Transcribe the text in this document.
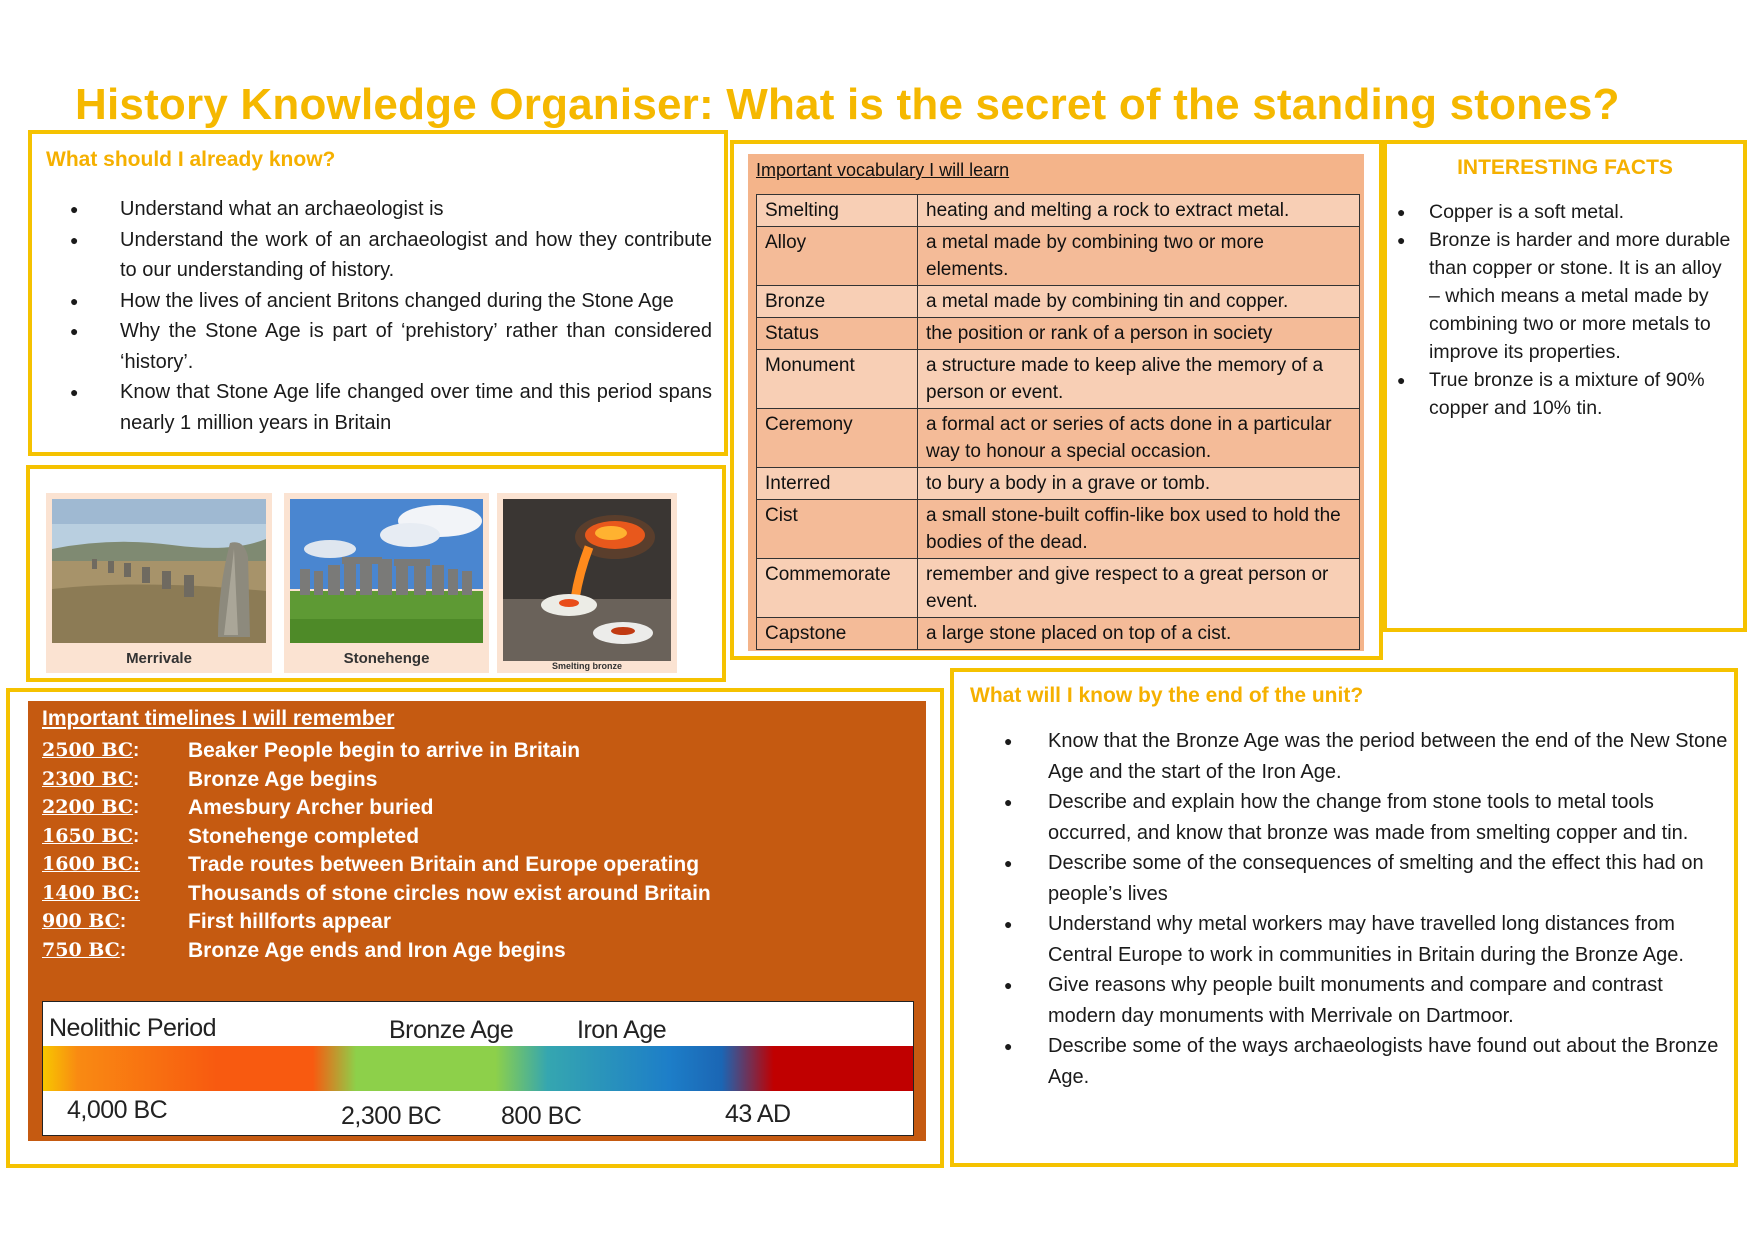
History Knowledge Organiser: What is the secret of the standing stones?
What should I already know?
● Understand what an archaeologist is
● Understand the work of an archaeologist and how they contribute to our understanding of history.
● How the lives of ancient Britons changed during the Stone Age
● Why the Stone Age is part of ‘prehistory’ rather than considered ‘history’.
● Know that Stone Age life changed over time and this period spans nearly 1 million years in Britain
Merrivale	Stonehenge	Smelting bronze
Important vocabulary I will learn
Smelting	heating and melting a rock to extract metal.
Alloy	a metal made by combining two or more elements.
Bronze	a metal made by combining tin and copper.
Status	the position or rank of a person in society
Monument	a structure made to keep alive the memory of a person or event.
Ceremony	a formal act or series of acts done in a particular way to honour a special occasion.
Interred	to bury a body in a grave or tomb.
Cist	a small stone-built coffin-like box used to hold the bodies of the dead.
Commemorate	remember and give respect to a great person or event.
Capstone	a large stone placed on top of a cist.
INTERESTING FACTS
● Copper is a soft metal.
● Bronze is harder and more durable than copper or stone. It is an alloy – which means a metal made by combining two or more metals to improve its properties.
● True bronze is a mixture of 90% copper and 10% tin.
Important timelines I will remember
2500 BC:	Beaker People begin to arrive in Britain
2300 BC:	Bronze Age begins
2200 BC:	Amesbury Archer buried
1650 BC:	Stonehenge completed
1600 BC:	Trade routes between Britain and Europe operating
1400 BC:	Thousands of stone circles now exist around Britain
900 BC:	First hillforts appear
750 BC:	Bronze Age ends and Iron Age begins
Neolithic Period	Bronze Age	Iron Age
4,000 BC	2,300 BC 800 BC	43 AD
What will I know by the end of the unit?
● Know that the Bronze Age was the period between the end of the New Stone Age and the start of the Iron Age.
● Describe and explain how the change from stone tools to metal tools occurred, and know that bronze was made from smelting copper and tin.
● Describe some of the consequences of smelting and the effect this had on people’s lives
● Understand why metal workers may have travelled long distances from Central Europe to work in communities in Britain during the Bronze Age.
● Give reasons why people built monuments and compare and contrast modern day monuments with Merrivale on Dartmoor.
● Describe some of the ways archaeologists have found out about the Bronze Age.
